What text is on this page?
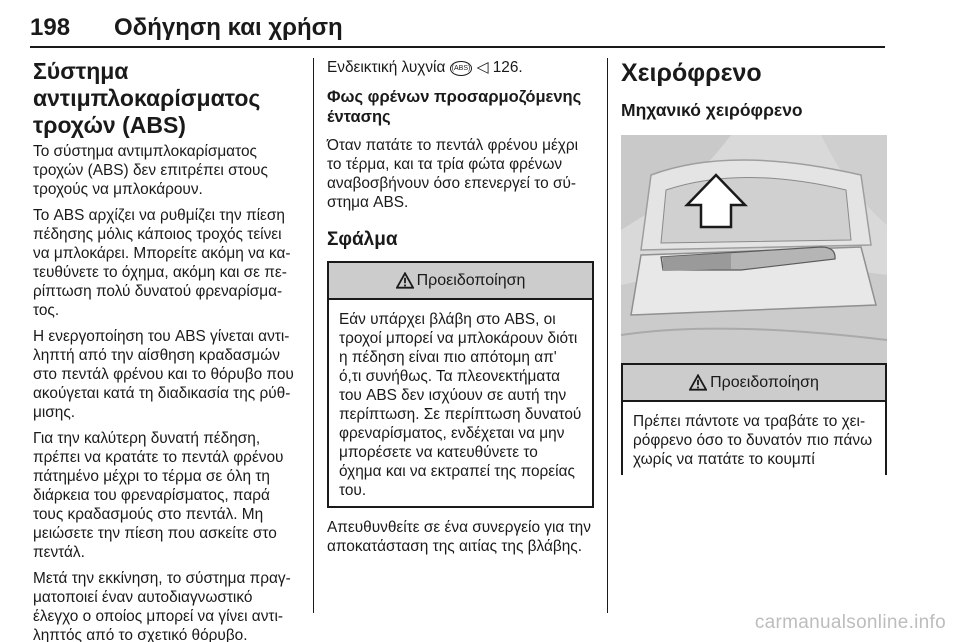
198 Οδήγηση και χρήση
Σύστημα αντιμπλοκαρίσματος τροχών (ABS)

Το σύστημα αντιμπλοκαρίσματος τροχών (ABS) δεν επιτρέπει στους τροχούς να μπλοκάρουν.

Το ABS αρχίζει να ρυθμίζει την πίεση πέδησης μόλις κάποιος τροχός τείνει να μπλοκάρει. Μπορείτε ακόμη να κατευθύνετε το όχημα, ακόμη και σε περίπτωση πολύ δυνατού φρεναρίσματος.

Η ενεργοποίηση του ABS γίνεται αντιληπτή από την αίσθηση κραδασμών στο πεντάλ φρένου και το θόρυβο που ακούγεται κατά τη διαδικασία της ρύθμισης.

Για την καλύτερη δυνατή πέδηση, πρέπει να κρατάτε το πεντάλ φρένου πάτημένο μέχρι το τέρμα σε όλη τη διάρκεια του φρεναρίσματος, παρά τους κραδασμούς στο πεντάλ. Μη μειώσετε την πίεση που ασκείτε στο πεντάλ.

Μετά την εκκίνηση, το σύστημα πραγματοποιεί έναν αυτοδιαγνωστικό έλεγχο ο οποίος μπορεί να γίνει αντιληπτός από το σχετικό θόρυβο.

Ενδεικτική λυχνία (ABS) ◁ 126.

Φως φρένων προσαρμοζόμενης έντασης

Όταν πατάτε το πεντάλ φρένου μέχρι το τέρμα, και τα τρία φώτα φρένων αναβοσβήνουν όσο επενεργεί το σύστημα ABS.

Σφάλμα
Προειδοποίηση
Εάν υπάρχει βλάβη στο ABS, οι τροχοί μπορεί να μπλοκάρουν διότι η πέδηση είναι πιο απότομη απ' ό,τι συνήθως. Τα πλεονεκτήματα του ABS δεν ισχύουν σε αυτή την περίπτωση. Σε περίπτωση δυνατού φρεναρίσματος, ενδέχεται να μην μπορέσετε να κατευθύνετε το όχημα και να εκτραπεί της πορείας του.

Απευθυνθείτε σε ένα συνεργείο για την αποκατάσταση της αιτίας της βλάβης.

Χειρόφρενο
Μηχανικό χειρόφρενο
Προειδοποίηση
Πρέπει πάντοτε να τραβάτε το χειρόφρενο όσο το δυνατόν πιο πάνω χωρίς να πατάτε το κουμπί
carmanualsonline.info
